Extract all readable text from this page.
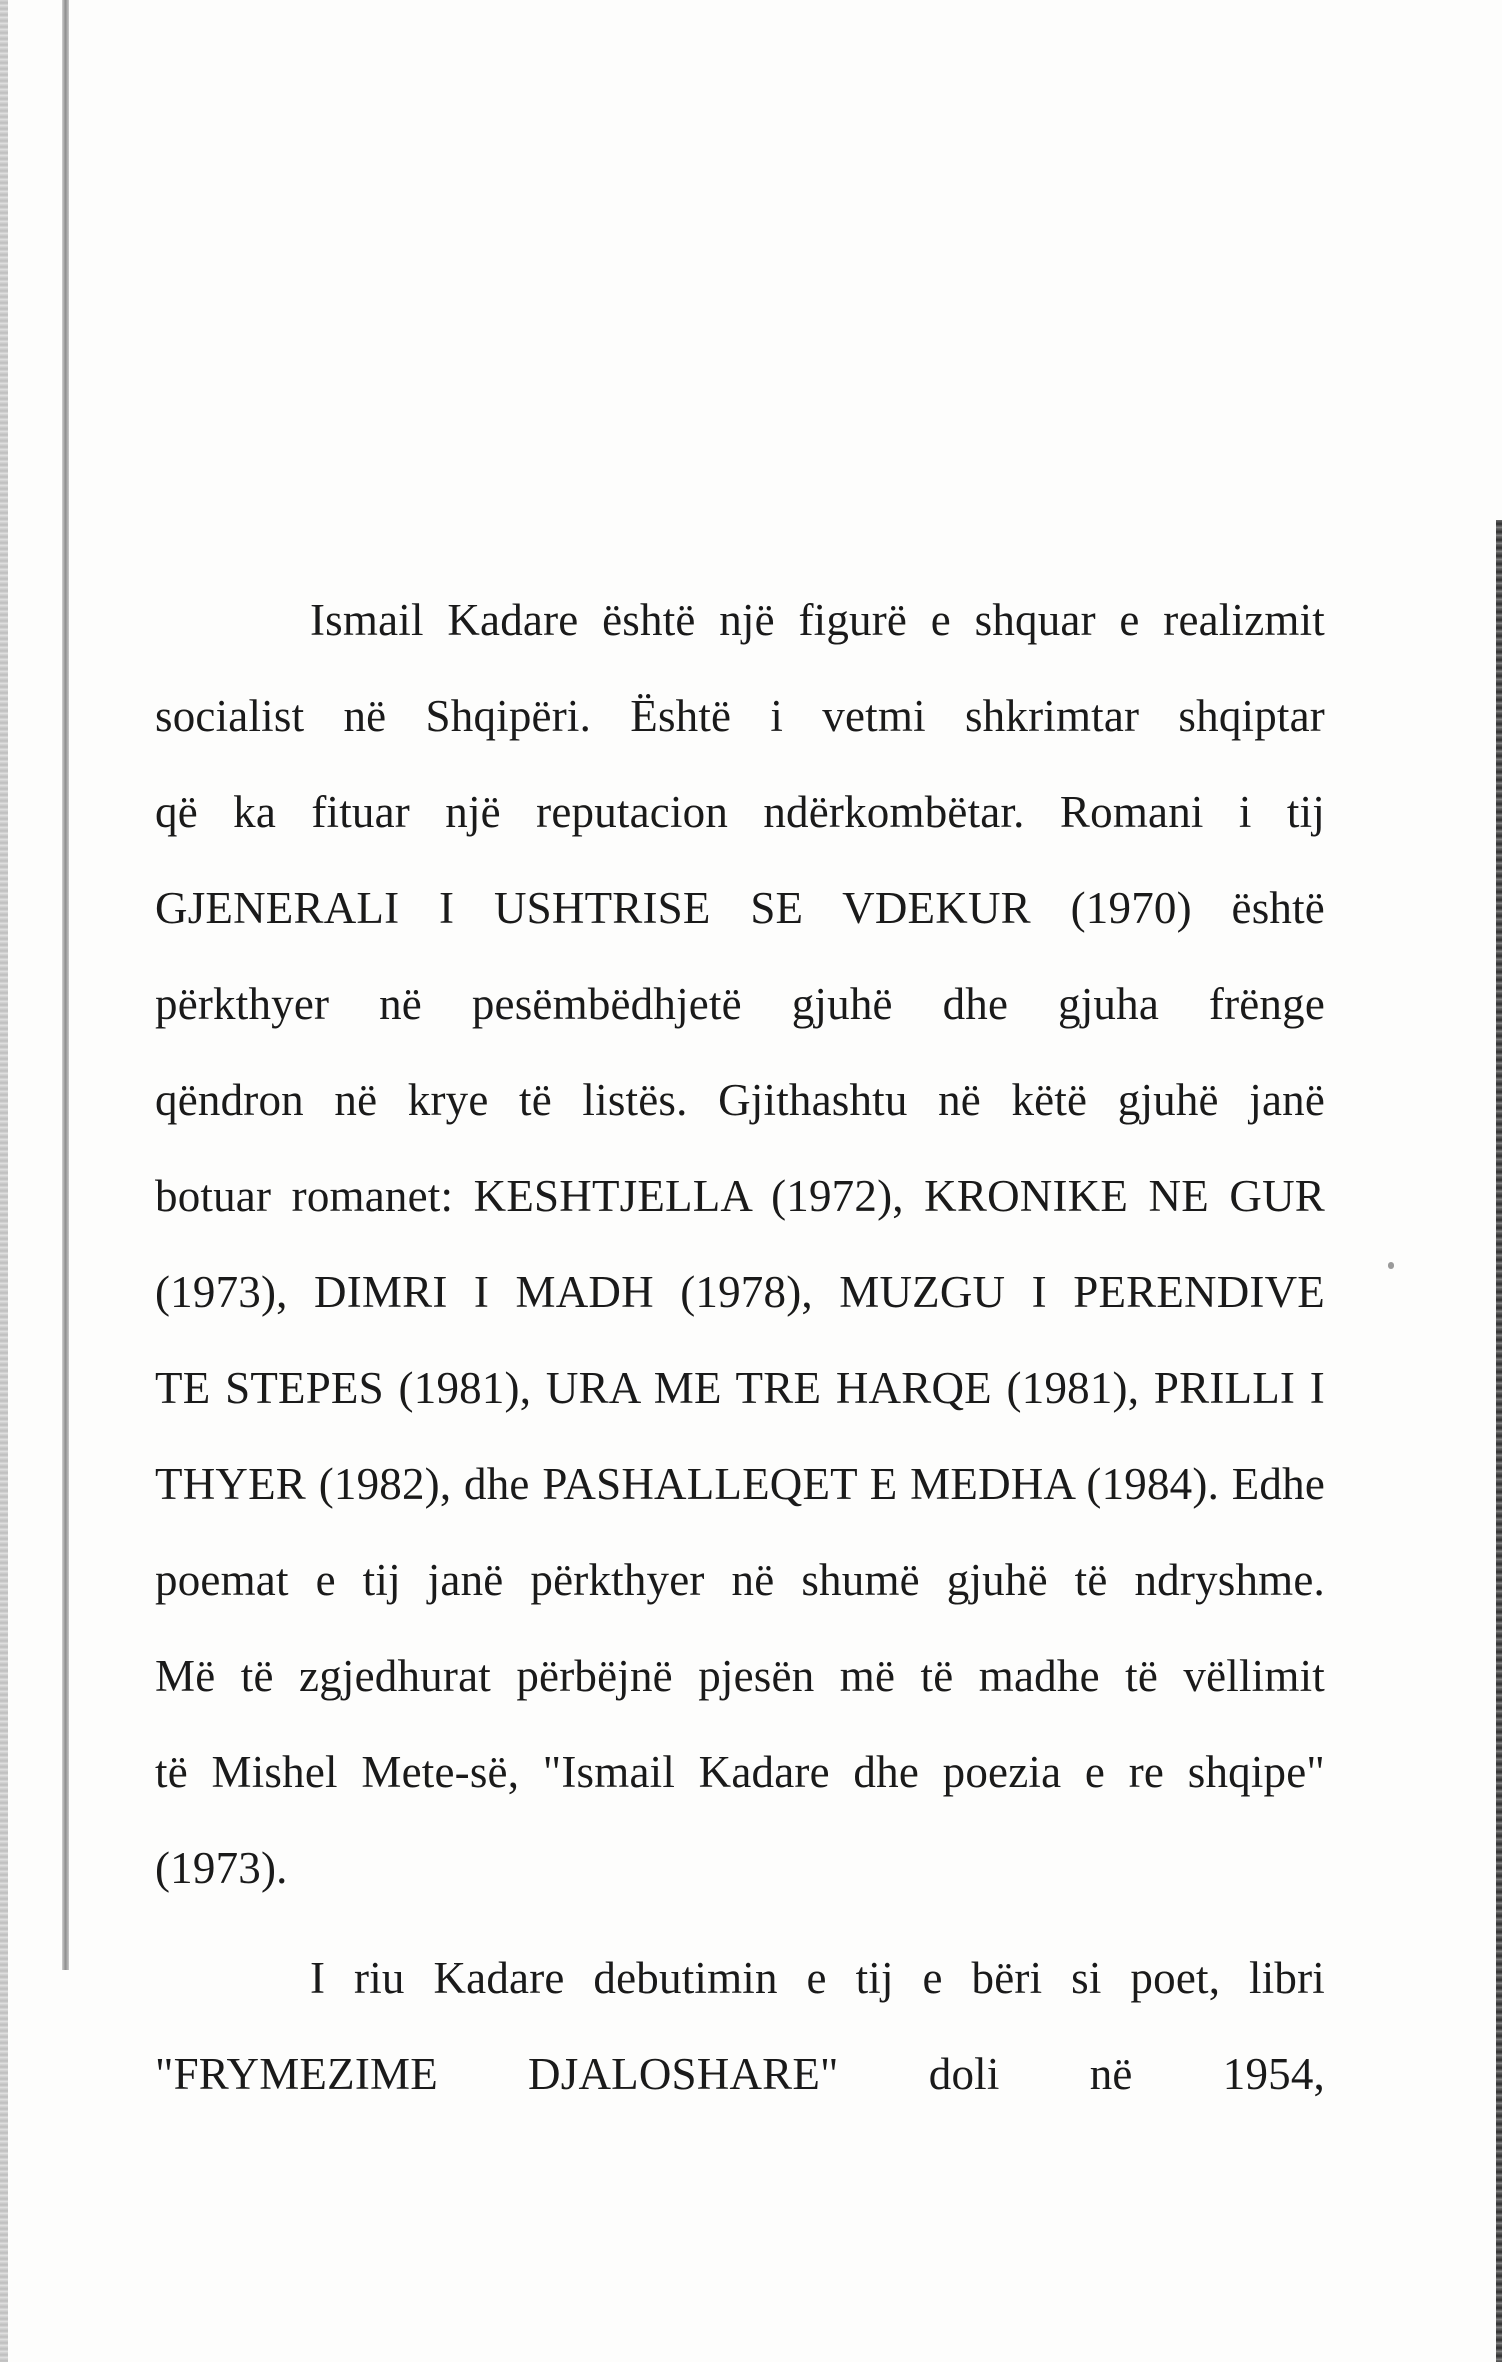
Ismail Kadare është një figurë e shquar e realizmit
socialist në Shqipëri. Është i vetmi shkrimtar shqiptar
që ka fituar një reputacion ndërkombëtar. Romani i tij
GJENERALI I USHTRISE SE VDEKUR (1970) është
përkthyer në pesëmbëdhjetë gjuhë dhe gjuha frënge
qëndron në krye të listës. Gjithashtu në këtë gjuhë janë
botuar romanet: KESHTJELLA (1972), KRONIKE NE GUR
(1973), DIMRI I MADH (1978), MUZGU I PERENDIVE
TE STEPES (1981), URA ME TRE HARQE (1981), PRILLI I
THYER (1982), dhe PASHALLEQET E MEDHA (1984). Edhe
poemat e tij janë përkthyer në shumë gjuhë të ndryshme.
Më të zgjedhurat përbëjnë pjesën më të madhe të vëllimit
të Mishel Mete-së, "Ismail Kadare dhe poezia e re shqipe"
(1973).
I riu Kadare debutimin e tij e bëri si poet, libri
"FRYMEZIME DJALOSHARE" doli në 1954,
